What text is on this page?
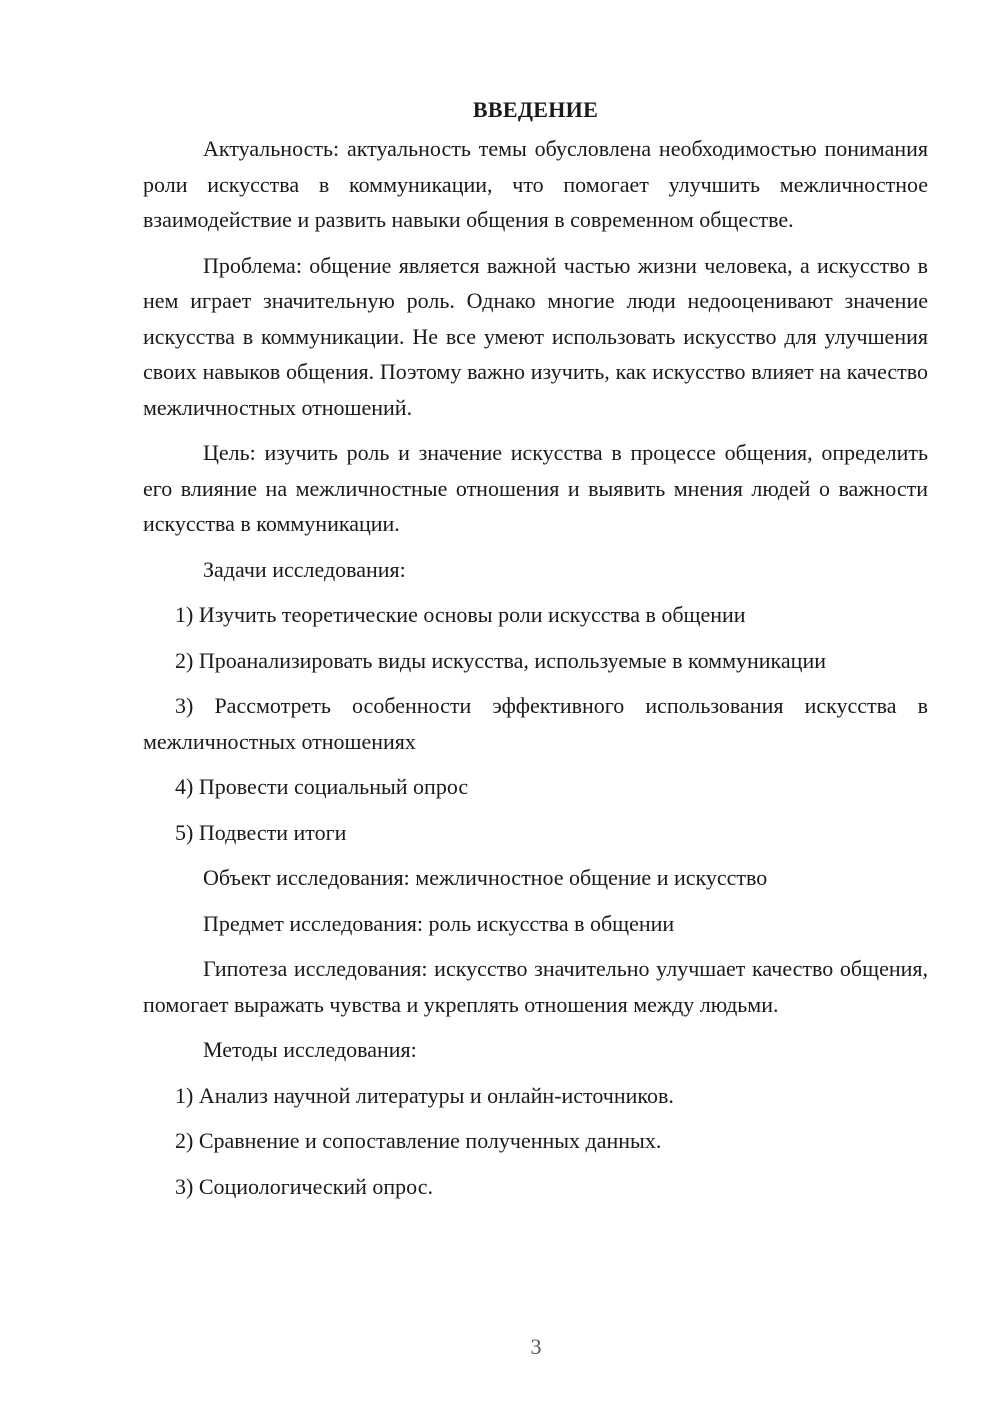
ВВЕДЕНИЕ

Актуальность: актуальность темы обусловлена необходимостью понимания роли искусства в коммуникации, что помогает улучшить межличностное взаимодействие и развить навыки общения в современном обществе.

Проблема: общение является важной частью жизни человека, а искусство в нем играет значительную роль. Однако многие люди недооценивают значение искусства в коммуникации. Не все умеют использовать искусство для улучшения своих навыков общения. Поэтому важно изучить, как искусство влияет на качество межличностных отношений.

Цель: изучить роль и значение искусства в процессе общения, определить его влияние на межличностные отношения и выявить мнения людей о важности искусства в коммуникации.

Задачи исследования:
1) Изучить теоретические основы роли искусства в общении
2) Проанализировать виды искусства, используемые в коммуникации
3) Рассмотреть особенности эффективного использования искусства в межличностных отношениях
4) Провести социальный опрос
5) Подвести итоги
Объект исследования: межличностное общение и искусство
Предмет исследования: роль искусства в общении

Гипотеза исследования: искусство значительно улучшает качество общения, помогает выражать чувства и укреплять отношения между людьми.

Методы исследования:
1) Анализ научной литературы и онлайн-источников.
2) Сравнение и сопоставление полученных данных.
3) Социологический опрос.
3
